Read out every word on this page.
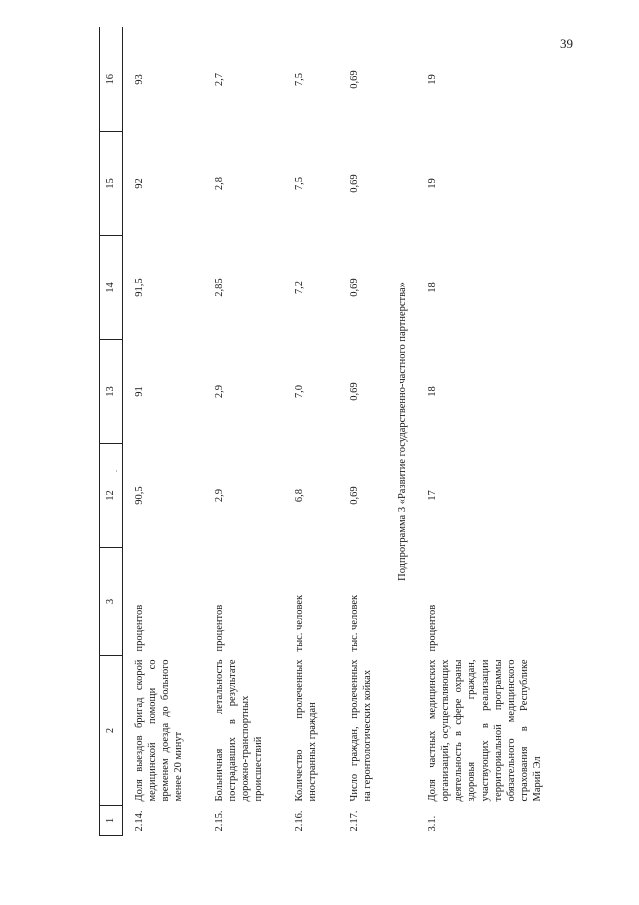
39
1	2	3	12	13	14	15	16
2.14.	Доля выездов бригад скорой медицинской помощи со временем доезда до больного менее 20 минут	процентов	90,5	91	91,5	92	93
2.15.	Больничная летальность пострадавших в результате дорожно-транспортных происшествий	процентов	2,9	2,9	2,85	2,8	2,7
2.16.	Количество пролеченных иностранных граждан	тыс. человек	6,8	7,0	7,2	7,5	7,5
2.17.	Число граждан, пролеченных на геронтологических койках	тыс. человек	0,69	0,69	0,69	0,69	0,69
Подпрограмма 3 «Развитие государственно-частного партнерства»							
3.1.	Доля частных медицинских организаций, осуществляющих деятельность в сфере охраны здоровья граждан, участвующих в реализации территориальной программы обязательного медицинского страхования в Республике Марий Эл	процентов	17	18	18	19	19
